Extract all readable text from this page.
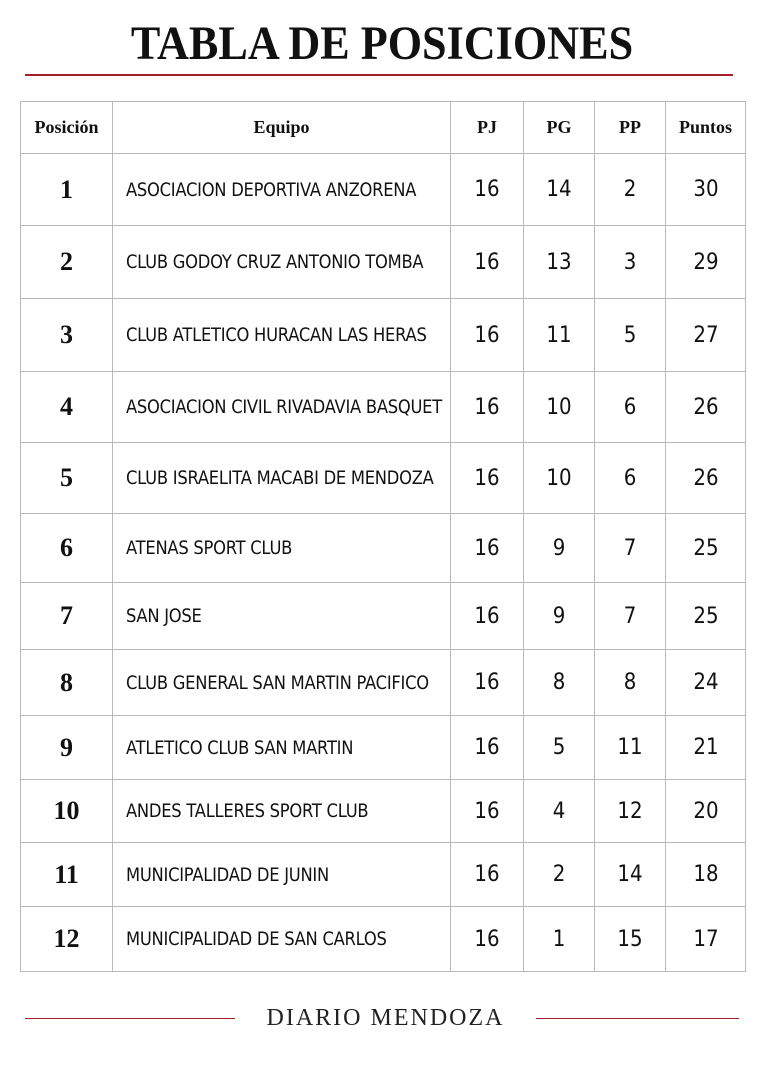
TABLA DE POSICIONES
Posición	Equipo	PJ	PG	PP	Puntos
1	ASOCIACION DEPORTIVA ANZORENA	16	14	2	30
2	CLUB GODOY CRUZ ANTONIO TOMBA	16	13	3	29
3	CLUB ATLETICO HURACAN LAS HERAS	16	11	5	27
4	ASOCIACION CIVIL RIVADAVIA BASQUET	16	10	6	26
5	CLUB ISRAELITA MACABI DE MENDOZA	16	10	6	26
6	ATENAS SPORT CLUB	16	9	7	25
7	SAN JOSE	16	9	7	25
8	CLUB GENERAL SAN MARTIN PACIFICO	16	8	8	24
9	ATLETICO CLUB SAN MARTIN	16	5	11	21
10	ANDES TALLERES SPORT CLUB	16	4	12	20
11	MUNICIPALIDAD DE JUNIN	16	2	14	18
12	MUNICIPALIDAD DE SAN CARLOS	16	1	15	17
DIARIO MENDOZA
